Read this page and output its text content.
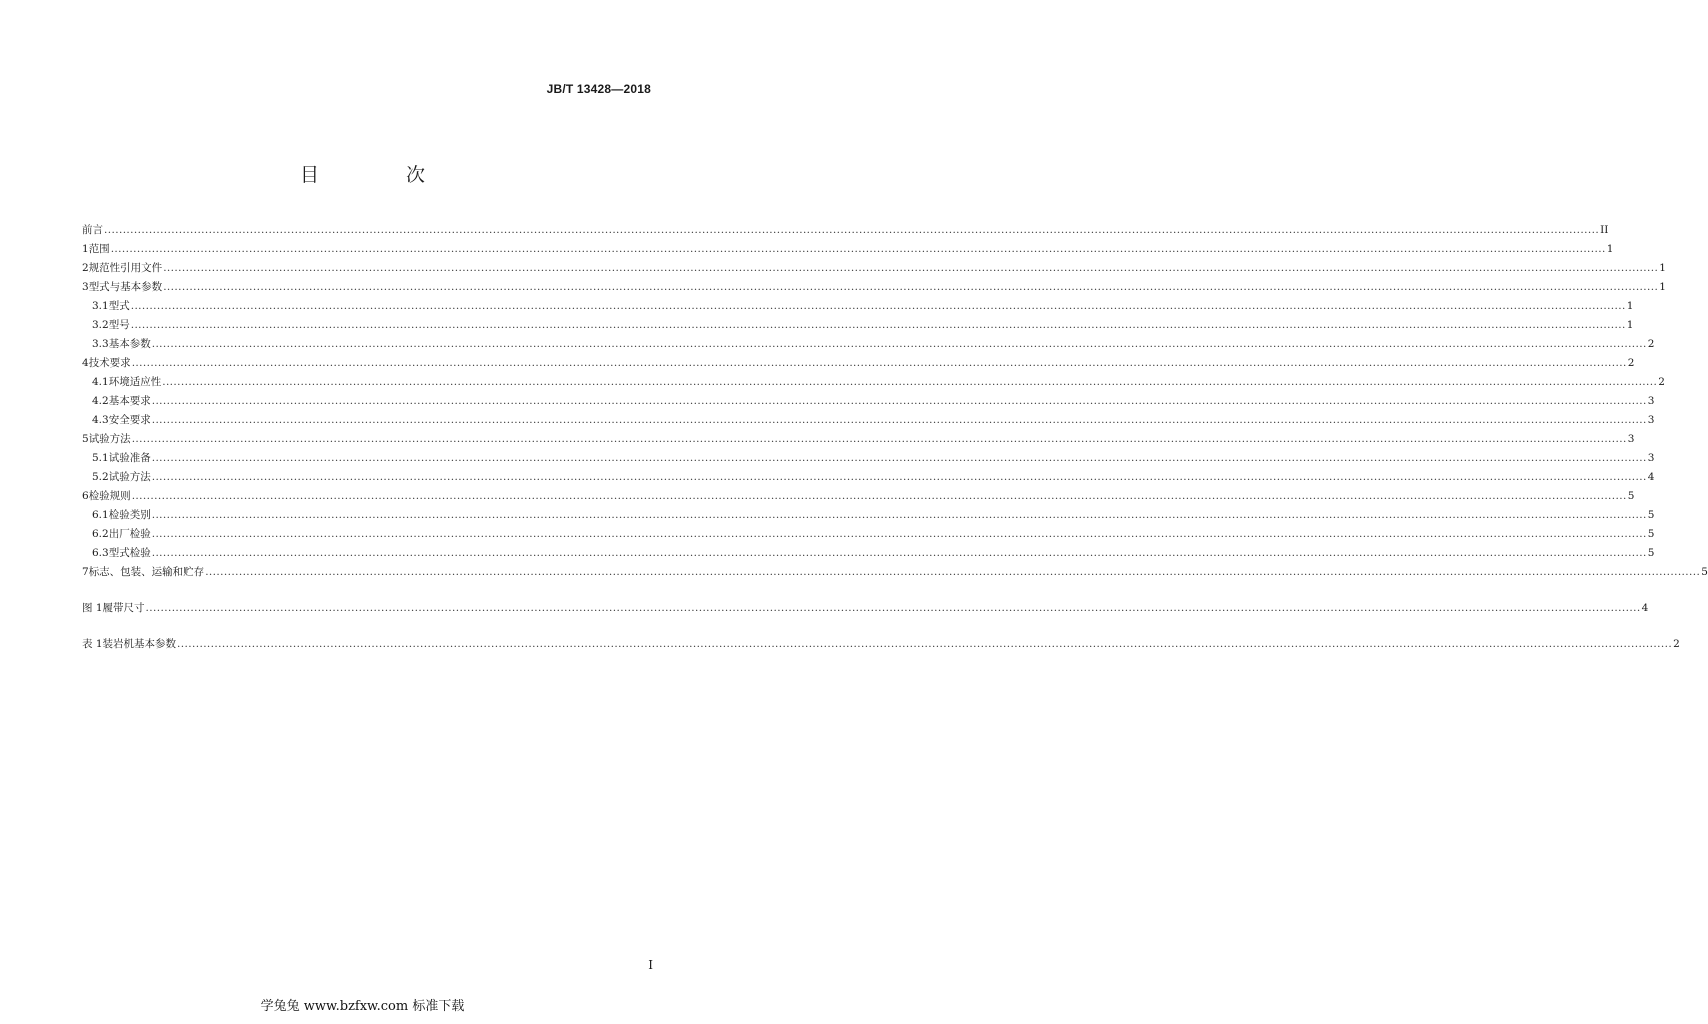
JB/T 13428—2018
目　次
前言 ................................................................................................................................................................................................................................................................................................................................................................................................................ II
1 范围 ................................................................................................................................................................................................................................................................................................................................................................................................................ 1
2 规范性引用文件 ................................................................................................................................................................................................................................................................................................................................................................................................................ 1
3 型式与基本参数 ................................................................................................................................................................................................................................................................................................................................................................................................................ 1
3.1 型式 ................................................................................................................................................................................................................................................................................................................................................................................................................ 1
3.2 型号 ................................................................................................................................................................................................................................................................................................................................................................................................................ 1
3.3 基本参数 ................................................................................................................................................................................................................................................................................................................................................................................................................ 2
4 技术要求 ................................................................................................................................................................................................................................................................................................................................................................................................................ 2
4.1 环境适应性 ................................................................................................................................................................................................................................................................................................................................................................................................................ 2
4.2 基本要求 ................................................................................................................................................................................................................................................................................................................................................................................................................ 3
4.3 安全要求 ................................................................................................................................................................................................................................................................................................................................................................................................................ 3
5 试验方法 ................................................................................................................................................................................................................................................................................................................................................................................................................ 3
5.1 试验准备 ................................................................................................................................................................................................................................................................................................................................................................................................................ 3
5.2 试验方法 ................................................................................................................................................................................................................................................................................................................................................................................................................ 4
6 检验规则 ................................................................................................................................................................................................................................................................................................................................................................................................................ 5
6.1 检验类别 ................................................................................................................................................................................................................................................................................................................................................................................................................ 5
6.2 出厂检验 ................................................................................................................................................................................................................................................................................................................................................................................................................ 5
6.3 型式检验 ................................................................................................................................................................................................................................................................................................................................................................................................................ 5
7 标志、包装、运输和贮存 ................................................................................................................................................................................................................................................................................................................................................................................................................ 5
图 1 履带尺寸 ................................................................................................................................................................................................................................................................................................................................................................................................................ 4
表 1 装岩机基本参数 ................................................................................................................................................................................................................................................................................................................................................................................................................ 2
I
学兔兔 www.bzfxw.com 标准下载
